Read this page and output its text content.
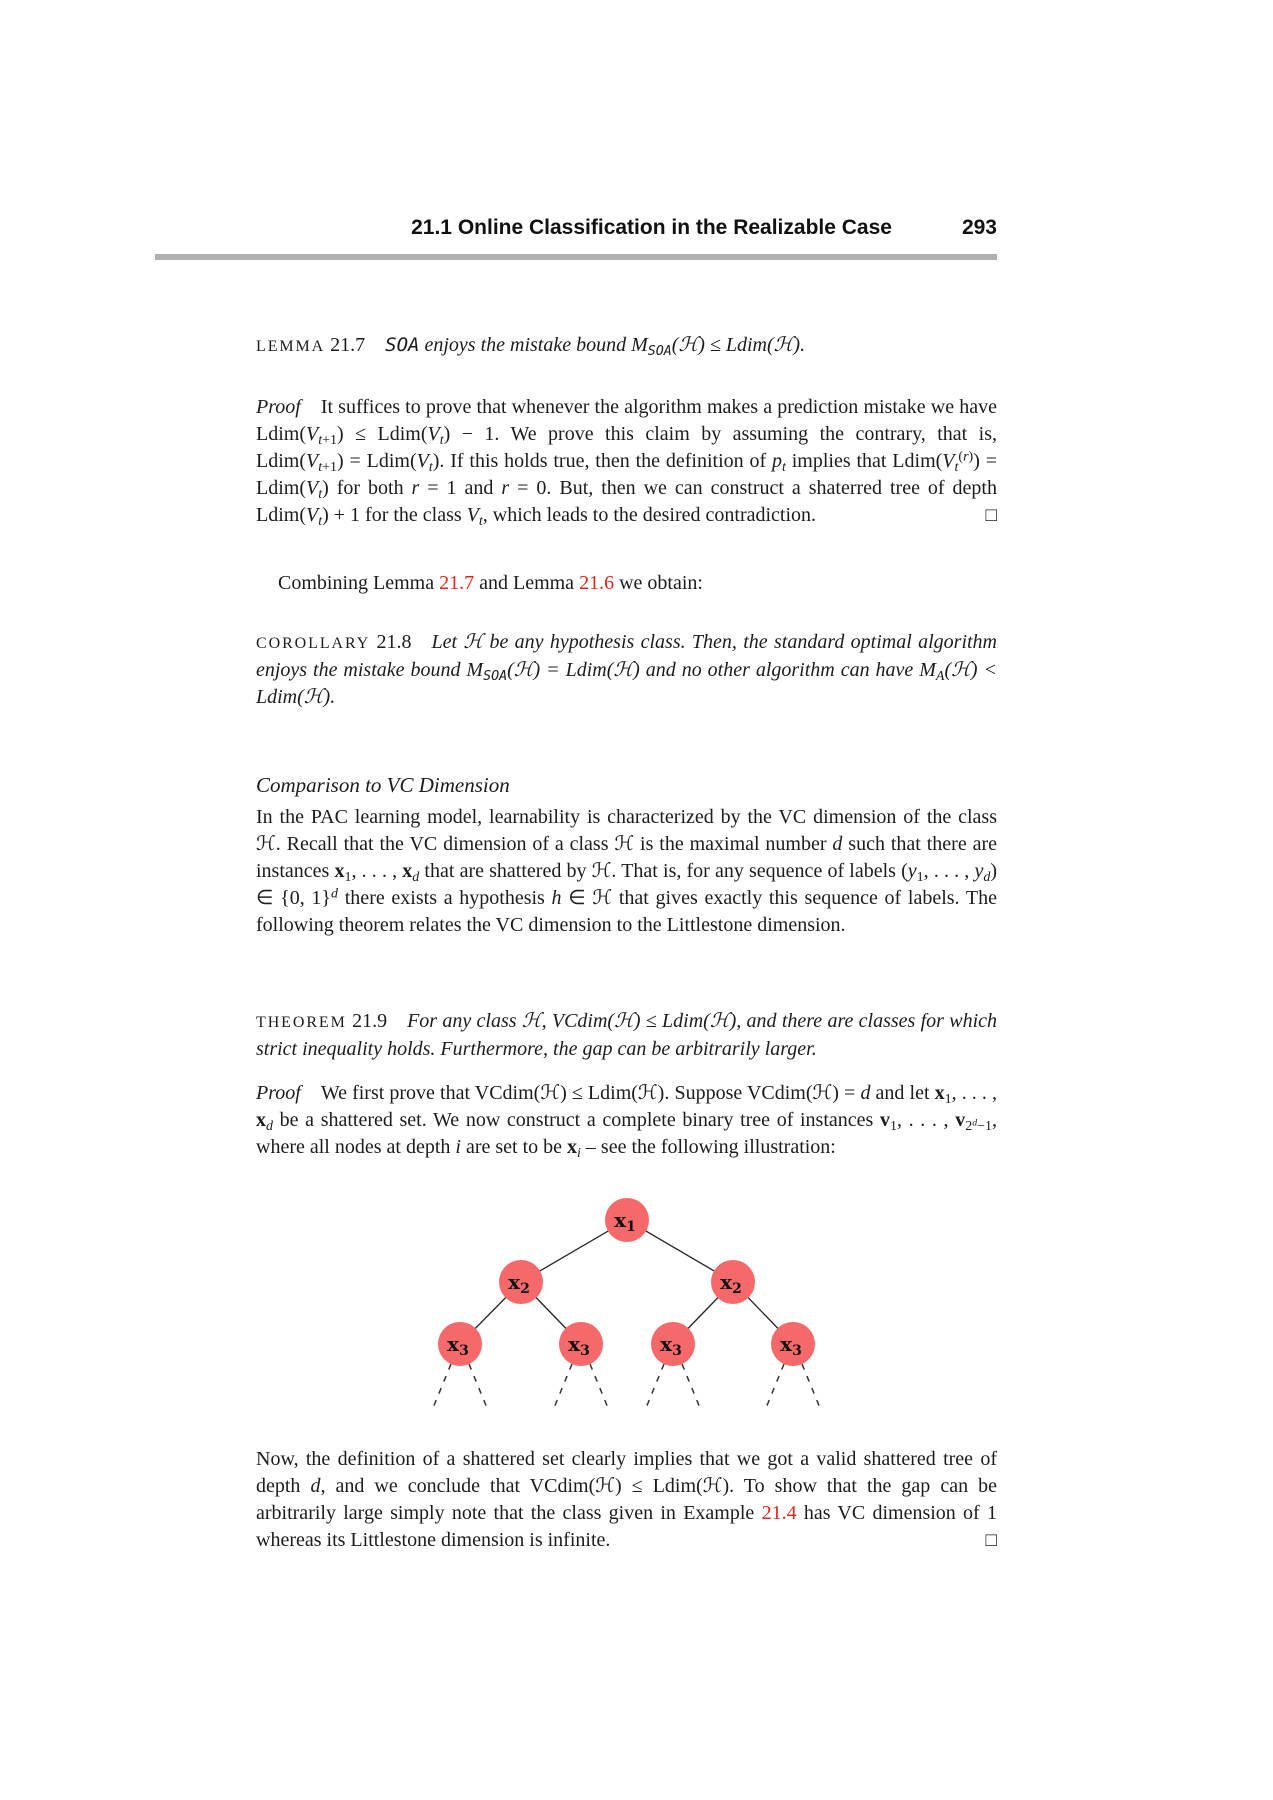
21.1 Online Classification in the Realizable Case	293
LEMMA 21.7 SOA enjoys the mistake bound $M_{SOA}(ℋ)$ ≤ Ldim(ℋ).
Proof It suffices to prove that whenever the algorithm makes a prediction mistake we have $Ldim(V_{t+1})$ ≤ $Ldim(V_t) - 1$. We prove this claim by assuming the contrary, that is, $Ldim(V_{t+1})$ = $Ldim(V_t)$. If this holds true, then the definition of $p_t$ implies that $Ldim(V_t^{(r)})$ = $Ldim(V_t)$ for both r = 1 and r = 0. But, then we can construct a shaterred tree of depth $Ldim(V_t) + 1$ for the class $V_t$, which leads to the desired contradiction.	□
Combining Lemma 21.7 and Lemma 21.6 we obtain:
COROLLARY 21.8 Let ℋ be any hypothesis class. Then, the standard optimal algorithm enjoys the mistake bound $M_{SOA}(ℋ)$ = Ldim(ℋ) and no other algorithm can have $M_A(ℋ)$ < Ldim(ℋ).
Comparison to VC Dimension
In the PAC learning model, learnability is characterized by the VC dimension of the class ℋ. Recall that the VC dimension of a class ℋ is the maximal number d such that there are instances $x_1$, . . . , $x_d$ that are shattered by ℋ. That is, for any sequence of labels ($y_1$, . . . , $y_d$) ∈ {0, 1}$^d$ there exists a hypothesis h ∈ ℋ that gives exactly this sequence of labels. The following theorem relates the VC dimension to the Littlestone dimension.
THEOREM 21.9 For any class ℋ, VCdim(ℋ) ≤ Ldim(ℋ), and there are classes for which strict inequality holds. Furthermore, the gap can be arbitrarily larger.
Proof We first prove that VCdim(ℋ) ≤ Ldim(ℋ). Suppose VCdim(ℋ) = d and let $x_1$, . . . , $x_d$ be a shattered set. We now construct a complete binary tree of instances $v_1$, . . . , $v_{2^d-1}$, where all nodes at depth i are set to be $x_i$ – see the following illustration:
$x_1$
$x_2$	$x_2$
$x_3$	$x_3$	$x_3$	$x_3$
Now, the definition of a shattered set clearly implies that we got a valid shattered tree of depth d, and we conclude that VCdim(ℋ) ≤ Ldim(ℋ). To show that the gap can be arbitrarily large simply note that the class given in Example 21.4 has VC dimension of 1 whereas its Littlestone dimension is infinite.	□
